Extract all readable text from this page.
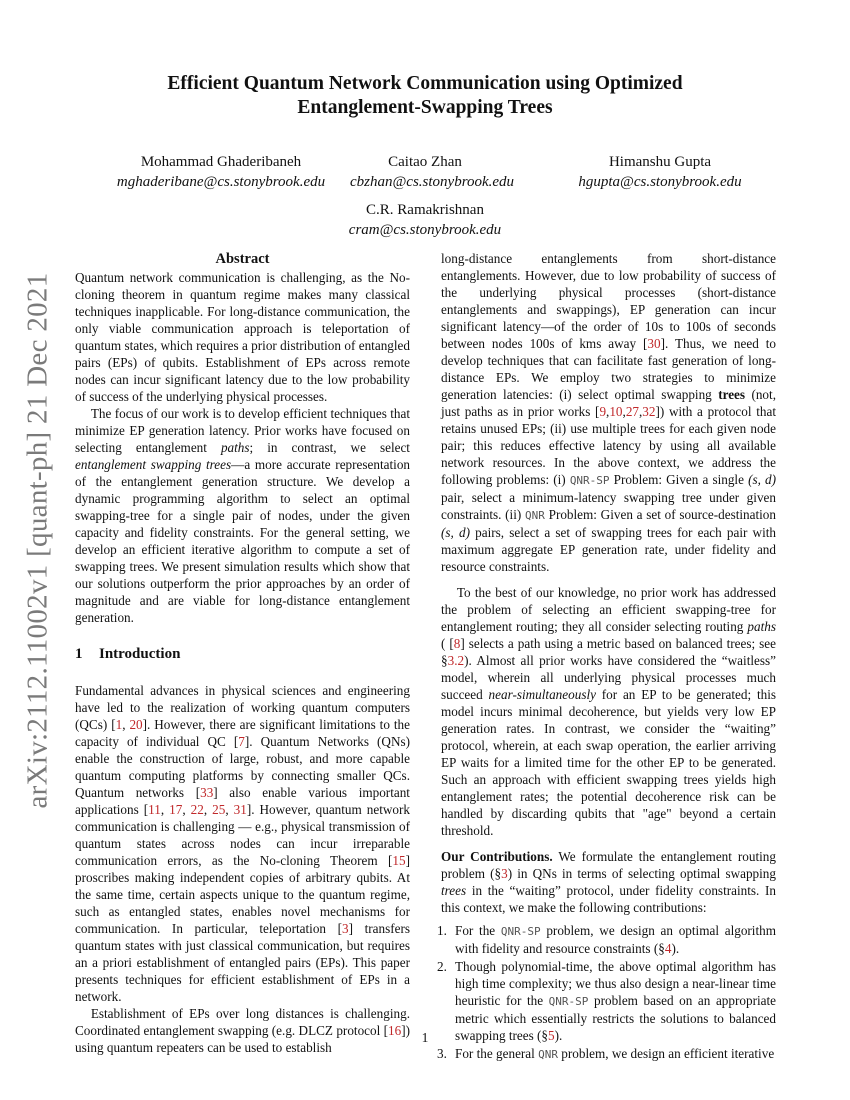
arXiv:2112.11002v1 [quant-ph] 21 Dec 2021
Efficient Quantum Network Communication using Optimized
Entanglement-Swapping Trees
Mohammad Ghaderibaneh
mghaderibane@cs.stonybrook.edu
Caitao Zhan
cbzhan@cs.stonybrook.edu
Himanshu Gupta
hgupta@cs.stonybrook.edu
C.R. Ramakrishnan
cram@cs.stonybrook.edu
Abstract

Quantum network communication is challenging, as the No-cloning theorem in quantum regime makes many classical techniques inapplicable. For long-distance communication, the only viable communication approach is teleportation of quantum states, which requires a prior distribution of entangled pairs (EPs) of qubits. Establishment of EPs across remote nodes can incur significant latency due to the low probability of success of the underlying physical processes.

The focus of our work is to develop efficient techniques that minimize EP generation latency. Prior works have focused on selecting entanglement paths; in contrast, we select entanglement swapping trees—a more accurate representation of the entanglement generation structure. We develop a dynamic programming algorithm to select an optimal swapping-tree for a single pair of nodes, under the given capacity and fidelity constraints. For the general setting, we develop an efficient iterative algorithm to compute a set of swapping trees. We present simulation results which show that our solutions outperform the prior approaches by an order of magnitude and are viable for long-distance entanglement generation.

1 Introduction

Fundamental advances in physical sciences and engineering have led to the realization of working quantum computers (QCs) [1, 20]. However, there are significant limitations to the capacity of individual QC [7]. Quantum Networks (QNs) enable the construction of large, robust, and more capable quantum computing platforms by connecting smaller QCs. Quantum networks [33] also enable various important applications [11, 17, 22, 25, 31]. However, quantum network communication is challenging — e.g., physical transmission of quantum states across nodes can incur irreparable communication errors, as the No-cloning Theorem [15] proscribes making independent copies of arbitrary qubits. At the same time, certain aspects unique to the quantum regime, such as entangled states, enables novel mechanisms for communication. In particular, teleportation [3] transfers quantum states with just classical communication, but requires an a priori establishment of entangled pairs (EPs). This paper presents techniques for efficient establishment of EPs in a network.

Establishment of EPs over long distances is challenging. Coordinated entanglement swapping (e.g. DLCZ protocol [16]) using quantum repeaters can be used to establish

long-distance entanglements from short-distance entanglements. However, due to low probability of success of the underlying physical processes (short-distance entanglements and swappings), EP generation can incur significant latency—of the order of 10s to 100s of seconds between nodes 100s of kms away [30]. Thus, we need to develop techniques that can facilitate fast generation of long-distance EPs. We employ two strategies to minimize generation latencies: (i) select optimal swapping trees (not, just paths as in prior works [9,10,27,32]) with a protocol that retains unused EPs; (ii) use multiple trees for each given node pair; this reduces effective latency by using all available network resources. In the above context, we address the following problems: (i) QNR-SP Problem: Given a single (s, d) pair, select a minimum-latency swapping tree under given constraints. (ii) QNR Problem: Given a set of source-destination (s, d) pairs, select a set of swapping trees for each pair with maximum aggregate EP generation rate, under fidelity and resource constraints.

To the best of our knowledge, no prior work has addressed the problem of selecting an efficient swapping-tree for entanglement routing; they all consider selecting routing paths ( [8] selects a path using a metric based on balanced trees; see §3.2). Almost all prior works have considered the “waitless” model, wherein all underlying physical processes much succeed near-simultaneously for an EP to be generated; this model incurs minimal decoherence, but yields very low EP generation rates. In contrast, we consider the “waiting” protocol, wherein, at each swap operation, the earlier arriving EP waits for a limited time for the other EP to be generated. Such an approach with efficient swapping trees yields high entanglement rates; the potential decoherence risk can be handled by discarding qubits that "age" beyond a certain threshold.

Our Contributions. We formulate the entanglement routing problem (§3) in QNs in terms of selecting optimal swapping trees in the “waiting” protocol, under fidelity constraints. In this context, we make the following contributions:

1. For the QNR-SP problem, we design an optimal algorithm with fidelity and resource constraints (§4).
2. Though polynomial-time, the above optimal algorithm has high time complexity; we thus also design a near-linear time heuristic for the QNR-SP problem based on an appropriate metric which essentially restricts the solutions to balanced swapping trees (§5).
3. For the general QNR problem, we design an efficient iterative
1
